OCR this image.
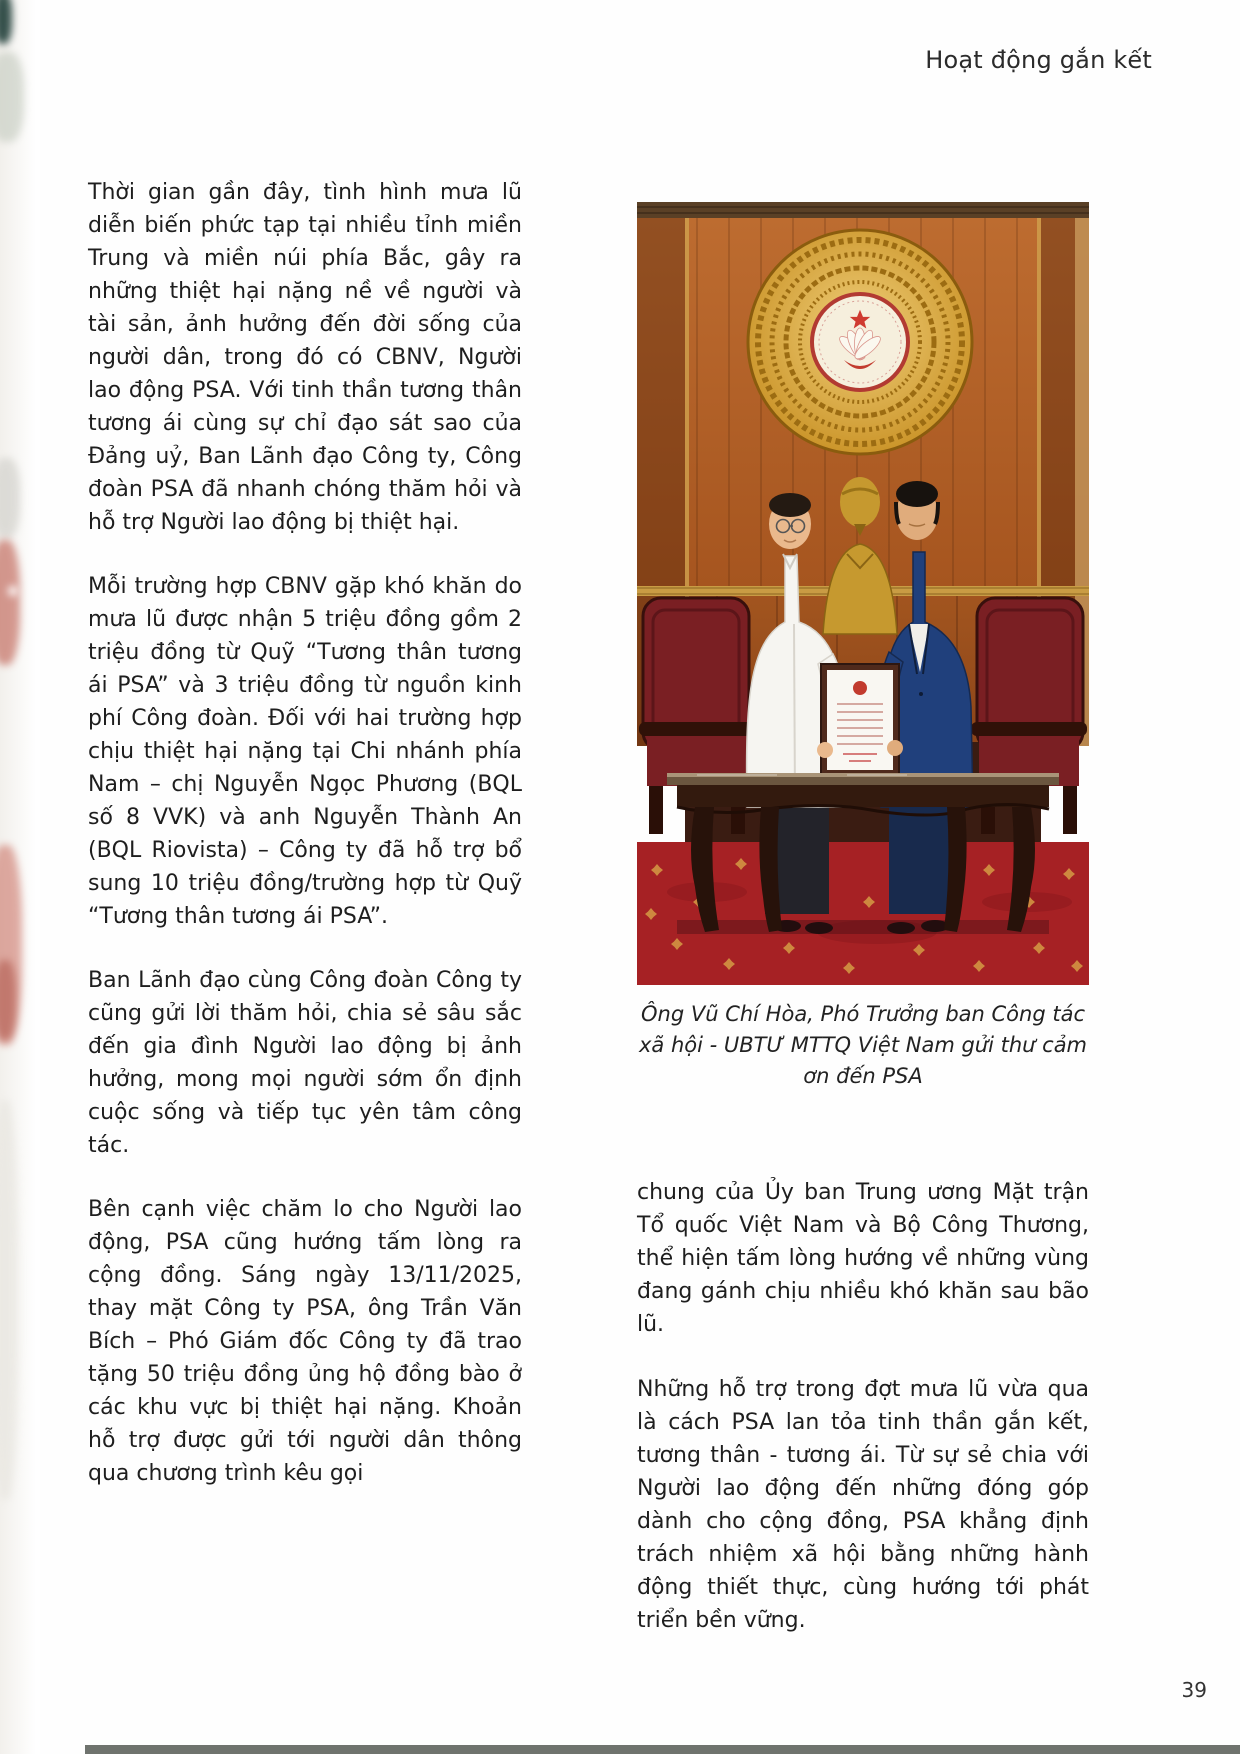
Hoạt động gắn kết

Thời gian gần đây, tình hình mưa lũ diễn biến phức tạp tại nhiều tỉnh miền Trung và miền núi phía Bắc, gây ra những thiệt hại nặng nề về người và tài sản, ảnh hưởng đến đời sống của người dân, trong đó có CBNV, Người lao động PSA. Với tinh thần tương thân tương ái cùng sự chỉ đạo sát sao của Đảng uỷ, Ban Lãnh đạo Công ty, Công đoàn PSA đã nhanh chóng thăm hỏi và hỗ trợ Người lao động bị thiệt hại.

Mỗi trường hợp CBNV gặp khó khăn do mưa lũ được nhận 5 triệu đồng gồm 2 triệu đồng từ Quỹ “Tương thân tương ái PSA” và 3 triệu đồng từ nguồn kinh phí Công đoàn. Đối với hai trường hợp chịu thiệt hại nặng tại Chi nhánh phía Nam – chị Nguyễn Ngọc Phương (BQL số 8 VVK) và anh Nguyễn Thành An (BQL Riovista) – Công ty đã hỗ trợ bổ sung 10 triệu đồng/trường hợp từ Quỹ “Tương thân tương ái PSA”.

Ban Lãnh đạo cùng Công đoàn Công ty cũng gửi lời thăm hỏi, chia sẻ sâu sắc đến gia đình Người lao động bị ảnh hưởng, mong mọi người sớm ổn định cuộc sống và tiếp tục yên tâm công tác.

Bên cạnh việc chăm lo cho Người lao động, PSA cũng hướng tấm lòng ra cộng đồng. Sáng ngày 13/11/2025, thay mặt Công ty PSA, ông Trần Văn Bích – Phó Giám đốc Công ty đã trao tặng 50 triệu đồng ủng hộ đồng bào ở các khu vực bị thiệt hại nặng. Khoản hỗ trợ được gửi tới người dân thông qua chương trình kêu gọi

Ông Vũ Chí Hòa, Phó Trưởng ban Công tác xã hội - UBTƯ MTTQ Việt Nam gửi thư cảm ơn đến PSA

chung của Ủy ban Trung ương Mặt trận Tổ quốc Việt Nam và Bộ Công Thương, thể hiện tấm lòng hướng về những vùng đang gánh chịu nhiều khó khăn sau bão lũ.

Những hỗ trợ trong đợt mưa lũ vừa qua là cách PSA lan tỏa tinh thần gắn kết, tương thân - tương ái. Từ sự sẻ chia với Người lao động đến những đóng góp dành cho cộng đồng, PSA khẳng định trách nhiệm xã hội bằng những hành động thiết thực, cùng hướng tới phát triển bền vững.

39
